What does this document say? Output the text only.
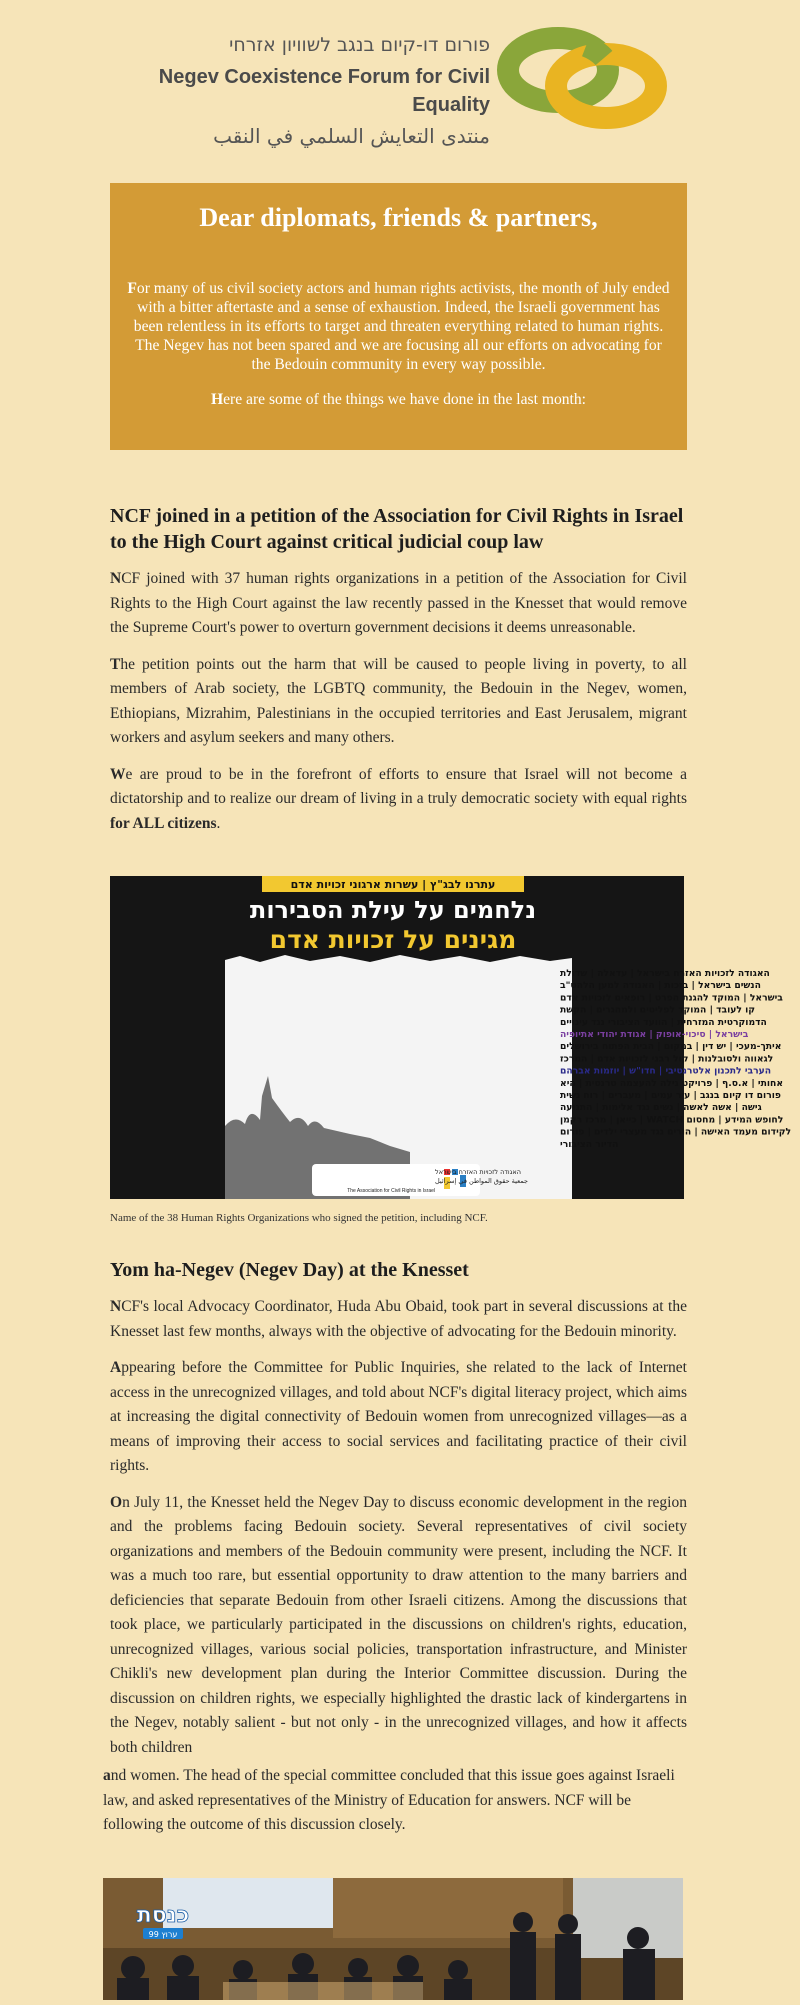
פורום דו-קיום בנגב לשוויון אזרחי
Negev Coexistence Forum for Civil Equality
منتدى التعايش السلمي في النقب
Dear diplomats, friends & partners,

For many of us civil society actors and human rights activists, the month of July ended with a bitter aftertaste and a sense of exhaustion. Indeed, the Israeli government has been relentless in its efforts to target and threaten everything related to human rights. The Negev has not been spared and we are focusing all our efforts on advocating for the Bedouin community in every way possible.

Here are some of the things we have done in the last month:

NCF joined in a petition of the Association for Civil Rights in Israel to the High Court against critical judicial coup law

NCF joined with 37 human rights organizations in a petition of the Association for Civil Rights to the High Court against the law recently passed in the Knesset that would remove the Supreme Court's power to overturn government decisions it deems unreasonable.

The petition points out the harm that will be caused to people living in poverty, to all members of Arab society, the LGBTQ community, the Bedouin in the Negev, women, Ethiopians, Mizrahim, Palestinians in the occupied territories and East Jerusalem, migrant workers and asylum seekers and many others.

We are proud to be in the forefront of efforts to ensure that Israel will not become a dictatorship and to realize our dream of living in a truly democratic society with equal rights for ALL citizens.

עתרנו לבג"ץ | עשרות ארגוני זכויות אדם
נלחמים על עילת הסבירות
מגינים על זכויות אדם
האגודה לזכויות האזרח בישראל | עדאלה | שדולת
הנשים בישראל | בזכות | האגודה למען הלהט"ב
בישראל | המוקד להגנת הפרט | רופאים לזכויות אדם
קו לעובד | המוקד לפליטים ולמהגרים | הקשת
הדמוקרטית המזרחית | הוועד הציבורי נגד עינויים
בישראל | סיכוי-אופוק | אגודת יהודי אתיופיה
איתך-מעכי | יש דין | במקום | הבית הפתוח בירושלים
לגאווה ולסובלנות | קול רבני לזכויות אדם | המרכז
הערבי לתכנון אלטרנטיבי | חדו"ש | יוזמות אברהם
אחותי | א.ס.ף | פרויקט גילה להעצמה טרנסית | היא
פורום דו קיום בנגב | עיר עמים | מעברים | רוח נשית
גישה | אשה לאשה | נשים נגד אלימות | התנועה
לחופש המידע | מחסום WATCH | כייאן | מרכז רקמן
לקידום מעמד האישה | הורים נגד מעצרי ילדים | פורום
הדיור הציבורי
האגודה לזכויות האזרח בישראל
جمعية حقوق المواطن في إسرائيل
The Association for Civil Rights in Israel
Name of the 38 Human Rights Organizations who signed the petition, including NCF.
Yom ha-Negev (Negev Day) at the Knesset

NCF's local Advocacy Coordinator, Huda Abu Obaid, took part in several discussions at the Knesset last few months, always with the objective of advocating for the Bedouin minority.

Appearing before the Committee for Public Inquiries, she related to the lack of Internet access in the unrecognized villages, and told about NCF's digital literacy project, which aims at increasing the digital connectivity of Bedouin women from unrecognized villages—as a means of improving their access to social services and facilitating practice of their civil rights.

On July 11, the Knesset held the Negev Day to discuss economic development in the region and the problems facing Bedouin society. Several representatives of civil society organizations and members of the Bedouin community were present, including the NCF. It was a much too rare, but essential opportunity to draw attention to the many barriers and deficiencies that separate Bedouin from other Israeli citizens. Among the discussions that took place, we particularly participated in the discussions on children's rights, education, unrecognized villages, various social policies, transportation infrastructure, and Minister Chikli's new development plan during the Interior Committee discussion. During the discussion on children rights, we especially highlighted the drastic lack of kindergartens in the Negev, notably salient - but not only - in the unrecognized villages, and how it affects both children

and women. The head of the special committee concluded that this issue goes against Israeli law, and asked representatives of the Ministry of Education for answers. NCF will be following the outcome of this discussion closely.

כנסת
ערוץ 99
